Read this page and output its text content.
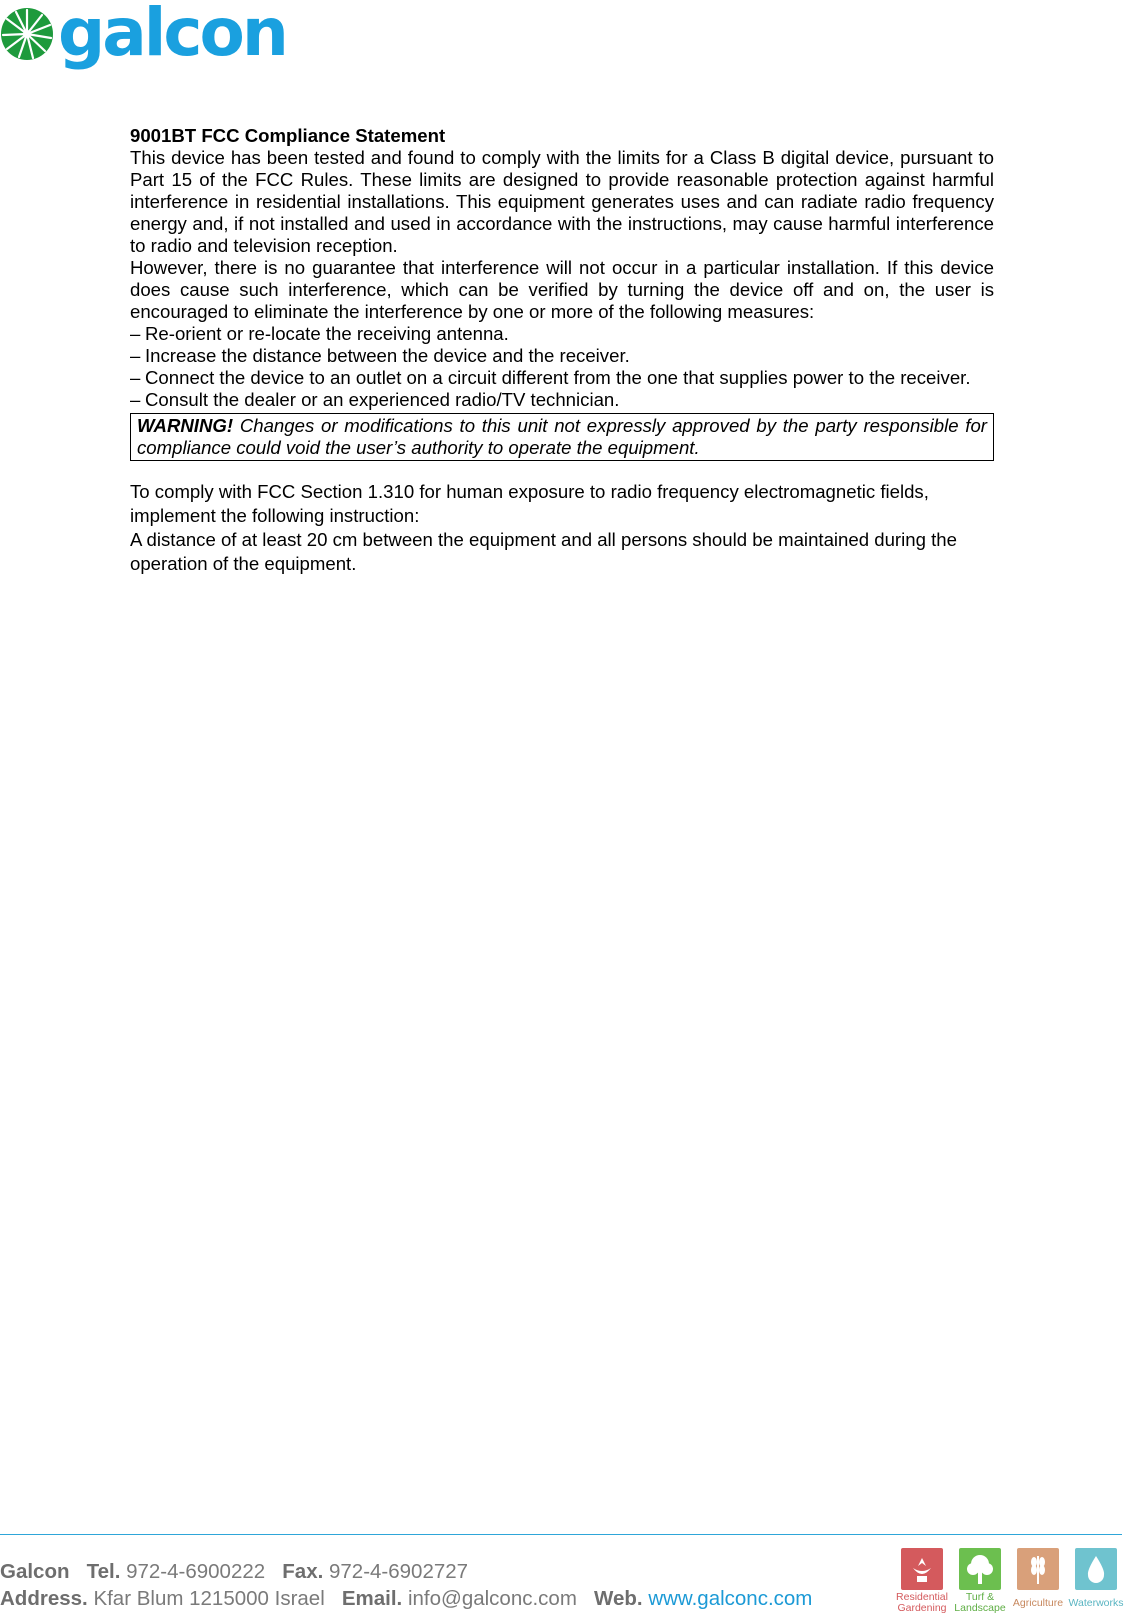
galcon

9001BT FCC Compliance Statement

This device has been tested and found to comply with the limits for a Class B digital device, pursuant to Part 15 of the FCC Rules. These limits are designed to provide reasonable protection against harmful interference in residential installations. This equipment generates uses and can radiate radio frequency energy and, if not installed and used in accordance with the instructions, may cause harmful interference to radio and television reception.

However, there is no guarantee that interference will not occur in a particular installation. If this device does cause such interference, which can be verified by turning the device off and on, the user is encouraged to eliminate the interference by one or more of the following measures:

– Re-orient or re-locate the receiving antenna.
– Increase the distance between the device and the receiver.
– Connect the device to an outlet on a circuit different from the one that supplies power to the receiver.
– Consult the dealer or an experienced radio/TV technician.
WARNING! Changes or modifications to this unit not expressly approved by the party responsible for compliance could void the user’s authority to operate the equipment.

To comply with FCC Section 1.310 for human exposure to radio frequency electromagnetic fields, implement the following instruction:

A distance of at least 20 cm between the equipment and all persons should be maintained during the operation of the equipment.

Galcon Tel. 972-4-6900222 Fax. 972-4-6902727
Address. Kfar Blum 1215000 Israel Email. info@galconc.com Web. www.galconc.com	Residential
Gardening
Turf &
Landscape Agriculture Waterworks
